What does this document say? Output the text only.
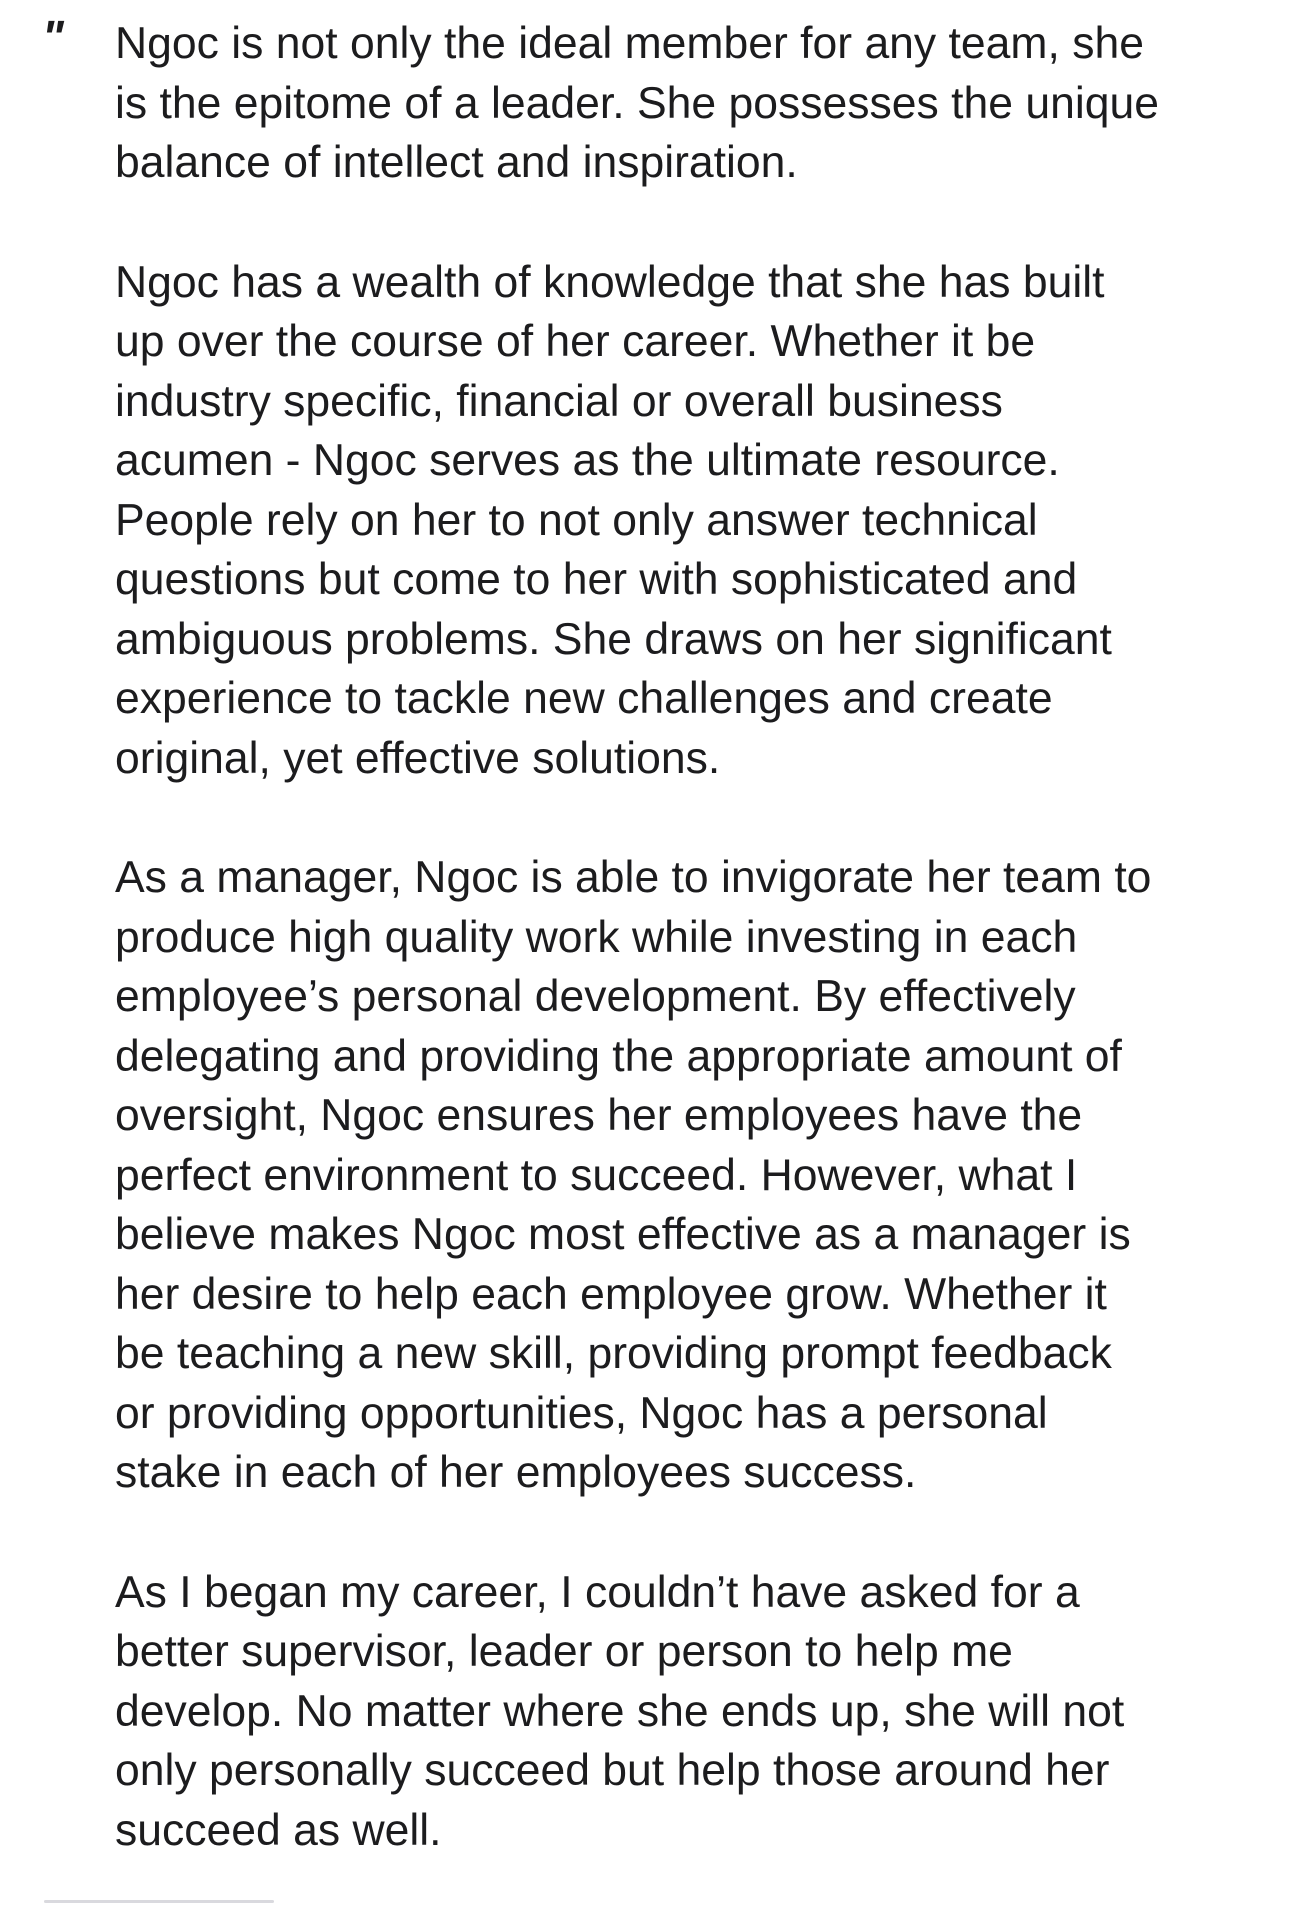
" Ngoc is not only the ideal member for any team, she
is the epitome of a leader. She possesses the unique
balance of intellect and inspiration.
Ngoc has a wealth of knowledge that she has built
up over the course of her career. Whether it be
industry specific, financial or overall business
acumen - Ngoc serves as the ultimate resource.
People rely on her to not only answer technical
questions but come to her with sophisticated and
ambiguous problems. She draws on her significant
experience to tackle new challenges and create
original, yet effective solutions.
As a manager, Ngoc is able to invigorate her team to
produce high quality work while investing in each
employee’s personal development. By effectively
delegating and providing the appropriate amount of
oversight, Ngoc ensures her employees have the
perfect environment to succeed. However, what I
believe makes Ngoc most effective as a manager is
her desire to help each employee grow. Whether it
be teaching a new skill, providing prompt feedback
or providing opportunities, Ngoc has a personal
stake in each of her employees success.
As I began my career, I couldn’t have asked for a
better supervisor, leader or person to help me
develop. No matter where she ends up, she will not
only personally succeed but help those around her
succeed as well.
